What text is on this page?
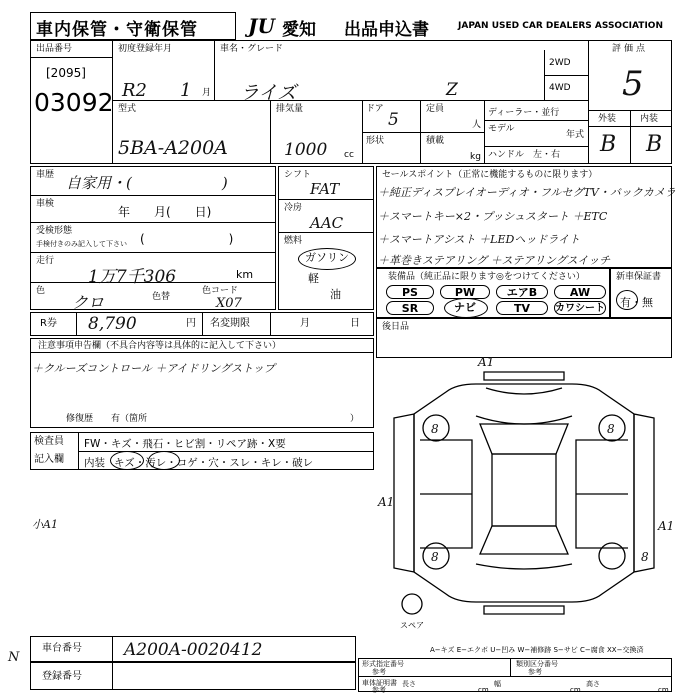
車内保管・守衛保管	JU 愛知 出品申込書	JAPAN USED CAR DEALERS ASSOCIATION
出品番号
[2095]
03092
初度登録年月
R2 1 月
車名・グレード
ライズ	Z
2WD
4WD
評価点
5
型式
5BA-A200A
排気量
1000 cc
ドア
5
定員
人
形状	積載
kg
ディーラー・並行
モデル
年式
ハンドル　左・右
外装	内装
B B
車歴 自家用・(　　　　　　)
車検
年　　月(　　日)
受検形態
手検付きのみ記入して下さい (　　　　　　　)
走行
1万7千306	km
色
クロ	色替
色コード
X07
シフト
FAT
冷房
AAC
燃料
ガソリン
軽
油
セールスポイント（正常に機能するものに限ります）
＋純正ディスプレイオーディオ・フルセグTV・バックカメラ
＋スマートキー×2・プッシュスタート ＋ETC
＋スマートアシスト ＋LEDヘッドライト
＋革巻きステアリング ＋ステアリングスイッチ
装備品（純正品に限ります◎をつけてください）
PS	PW	エアB	AW
SR	ナビ	TV	カワシート
新車保証書
有・無
R券 8,790	円 名変期限	月	日 後日品
注意事項申告欄（不具合内容等は具体的に記入して下さい）
＋クルーズコントロール ＋アイドリングストップ
修復歴　　有（箇所	）
検査員
記入欄
FW・キズ・飛石・ヒビ割・リペア跡・X要
内装 キズ・汚レ・コゲ・穴・スレ・キレ・破レ
小A1
A1
A1
A1
8	8
8	8
スペア
A−キズ E−エクボ U−凹み W−補修跡 S−サビ C−腐食 XX−交換済
車台番号 A200A-0020412
登録番号
N	形式指定番号
参考
類別区分番号
参考
車体証明書
参考
長さ
cm
幅
cm
高さ
cm
